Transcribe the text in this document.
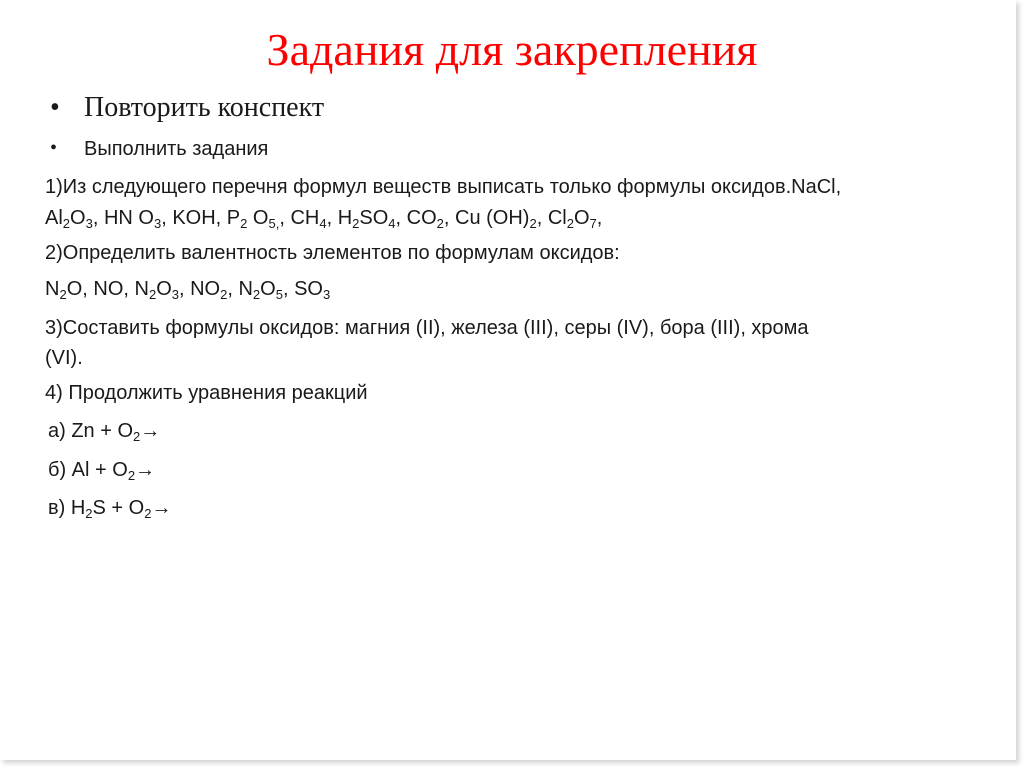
Задания для закрепления
• Повторить конспект
• Выполнить задания
1)Из следующего перечня формул веществ выписать только формулы оксидов.NaCl,
$Al_2O_3$, HN $O_3$, KOH, $P_2$ $O_{5,}$, $CH_4$, $H_2SO_4$, $CO_2$, Cu $(OH)_2$, $Cl_2O_7$,
2)Определить валентность элементов по формулам оксидов:
$N_2O$, NO, $N_2O_3$, $NO_2$, $N_2O_5$, $SO_3$
3)Составить формулы оксидов: магния (II), железа (III), серы (IV), бора (III), хрома
(VI).
4) Продолжить уравнения реакций
а) $Zn + O_2\to$
б) $Al + O_2\to$
в) $H_2S + O_2\to$
